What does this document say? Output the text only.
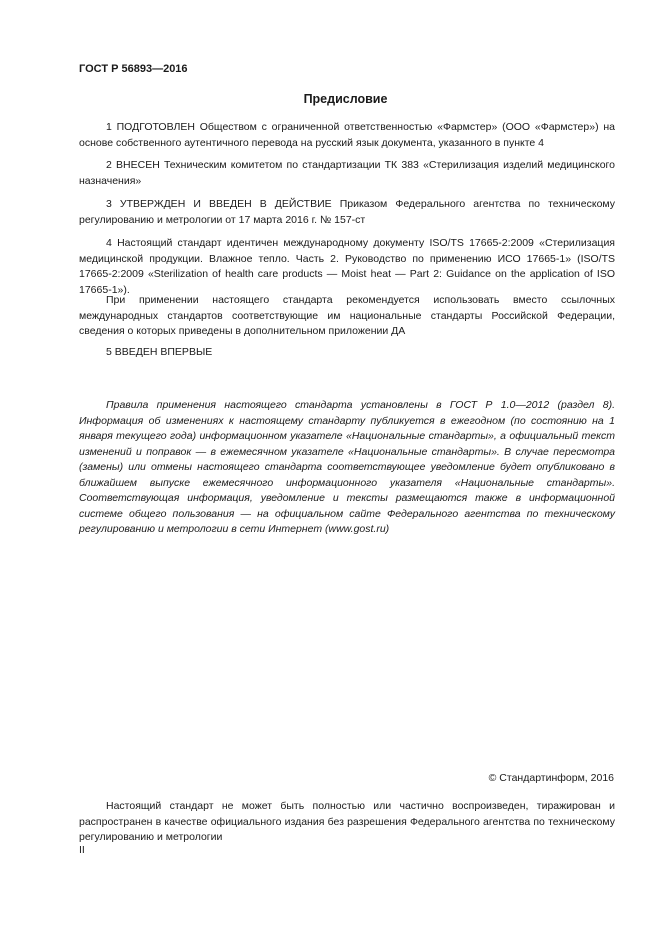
ГОСТ Р 56893—2016
Предисловие
1 ПОДГОТОВЛЕН Обществом с ограниченной ответственностью «Фармстер» (ООО «Фармстер») на основе собственного аутентичного перевода на русский язык документа, указанного в пункте 4
2 ВНЕСЕН Техническим комитетом по стандартизации ТК 383 «Стерилизация изделий медицинского назначения»
3 УТВЕРЖДЕН И ВВЕДЕН В ДЕЙСТВИЕ Приказом Федерального агентства по техническому регулированию и метрологии от 17 марта 2016 г. № 157-ст
4 Настоящий стандарт идентичен международному документу ISO/TS 17665-2:2009 «Стерилизация медицинской продукции. Влажное тепло. Часть 2. Руководство по применению ИСО 17665-1» (ISO/TS 17665-2:2009 «Sterilization of health care products — Moist heat — Part 2: Guidance on the application of ISO 17665-1»).
При применении настоящего стандарта рекомендуется использовать вместо ссылочных международных стандартов соответствующие им национальные стандарты Российской Федерации, сведения о которых приведены в дополнительном приложении ДА
5 ВВЕДЕН ВПЕРВЫЕ
Правила применения настоящего стандарта установлены в ГОСТ Р 1.0—2012 (раздел 8). Информация об изменениях к настоящему стандарту публикуется в ежегодном (по состоянию на 1 января текущего года) информационном указателе «Национальные стандарты», а официальный текст изменений и поправок — в ежемесячном указателе «Национальные стандарты». В случае пересмотра (замены) или отмены настоящего стандарта соответствующее уведомление будет опубликовано в ближайшем выпуске ежемесячного информационного указателя «Национальные стандарты». Соответствующая информация, уведомление и тексты размещаются также в информационной системе общего пользования — на официальном сайте Федерального агентства по техническому регулированию и метрологии в сети Интернет (www.gost.ru)
© Стандартинформ, 2016
Настоящий стандарт не может быть полностью или частично воспроизведен, тиражирован и распространен в качестве официального издания без разрешения Федерального агентства по техническому регулированию и метрологии
II
